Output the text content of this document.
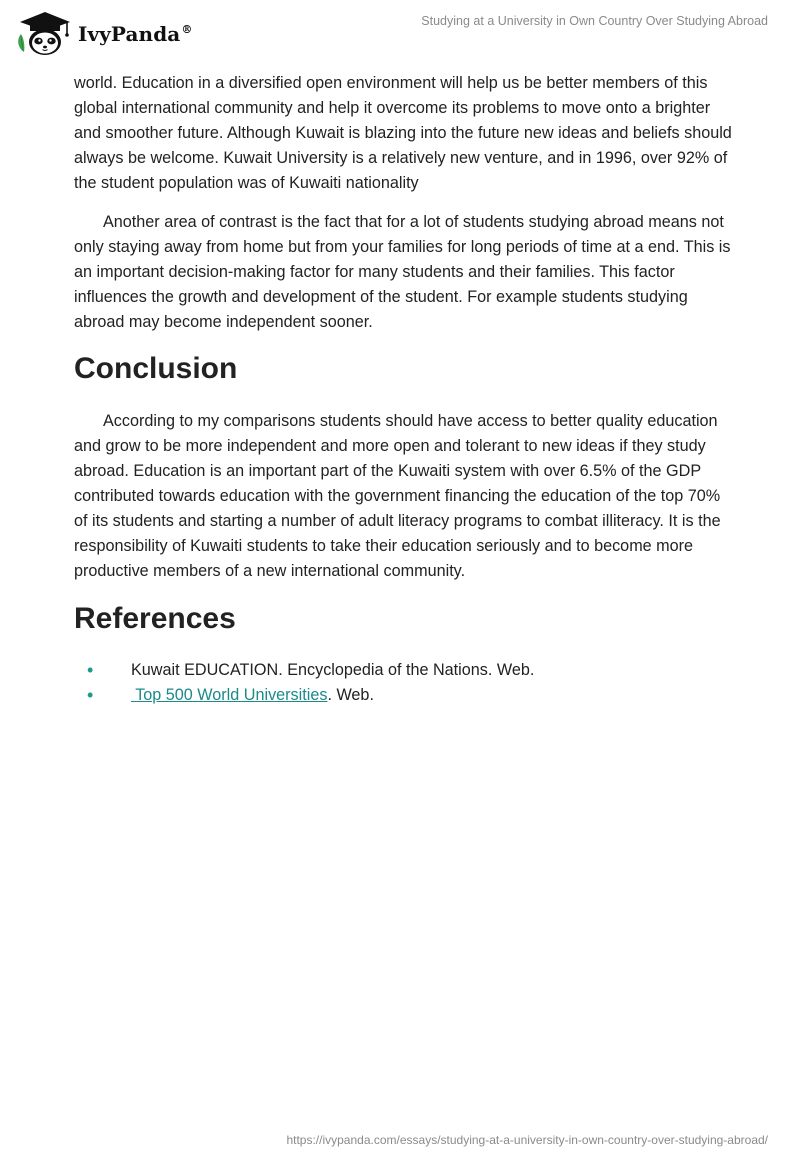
IvyPanda®
Studying at a University in Own Country Over Studying Abroad

world. Education in a diversified open environment will help us be better members of this global international community and help it overcome its problems to move onto a brighter and smoother future. Although Kuwait is blazing into the future new ideas and beliefs should always be welcome. Kuwait University is a relatively new venture, and in 1996, over 92% of the student population was of Kuwaiti nationality

Another area of contrast is the fact that for a lot of students studying abroad means not only staying away from home but from your families for long periods of time at a end. This is an important decision-making factor for many students and their families. This factor influences the growth and development of the student. For example students studying abroad may become independent sooner.

Conclusion

According to my comparisons students should have access to better quality education and grow to be more independent and more open and tolerant to new ideas if they study abroad. Education is an important part of the Kuwaiti system with over 6.5% of the GDP contributed towards education with the government financing the education of the top 70% of its students and starting a number of adult literacy programs to combat illiteracy. It is the responsibility of Kuwaiti students to take their education seriously and to become more productive members of a new international community.

References
• Kuwait EDUCATION. Encyclopedia of the Nations. Web.
• Top 500 World Universities. Web.
https://ivypanda.com/essays/studying-at-a-university-in-own-country-over-studying-abroad/
